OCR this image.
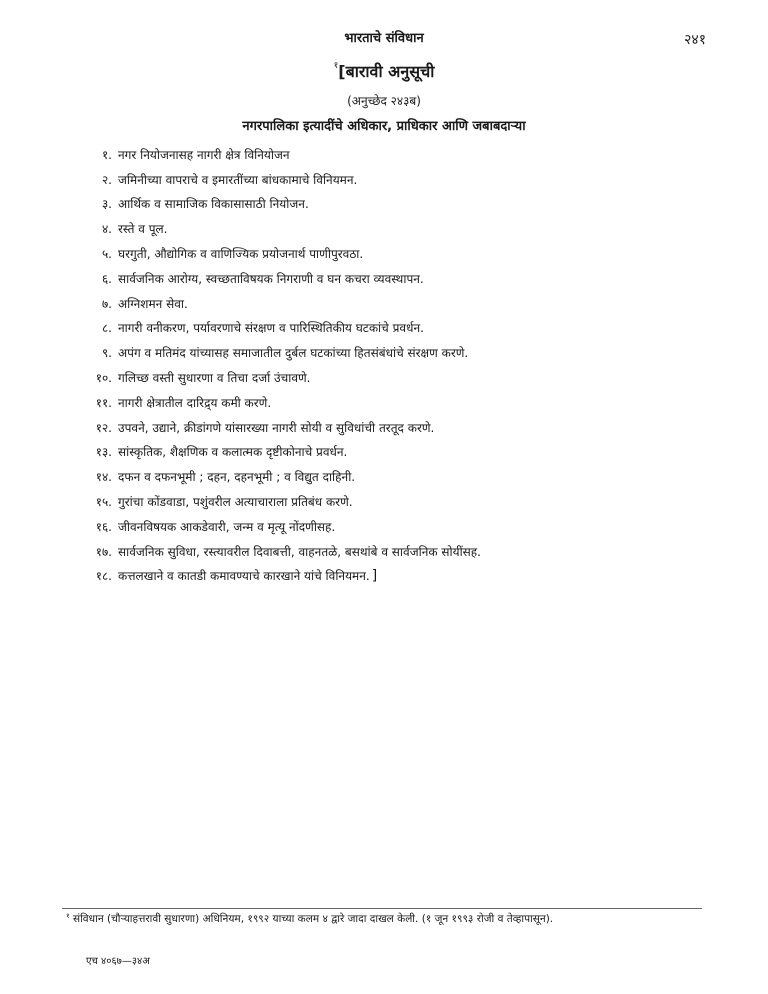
भारताचे संविधान	२४१
$^१$[बारावी अनुसूची
(अनुच्छेद २४३ब)
नगरपालिका इत्यादींचे अधिकार, प्राधिकार आणि जबाबदाऱ्या
१. नगर नियोजनासह नागरी क्षेत्र विनियोजन
२. जमिनीच्या वापराचे व इमारतींच्या बांधकामाचे विनियमन.
३. आर्थिक व सामाजिक विकासासाठी नियोजन.
४. रस्ते व पूल.
५. घरगुती, औद्योगिक व वाणिज्यिक प्रयोजनार्थ पाणीपुरवठा.
६. सार्वजनिक आरोग्य, स्वच्छताविषयक निगराणी व घन कचरा व्यवस्थापन.
७. अग्निशमन सेवा.
८. नागरी वनीकरण, पर्यावरणाचे संरक्षण व पारिस्थितिकीय घटकांचे प्रवर्धन.
९. अपंग व मतिमंद यांच्यासह समाजातील दुर्बल घटकांच्या हितसंबंधांचे संरक्षण करणे.
१०. गलिच्छ वस्ती सुधारणा व तिचा दर्जा उंचावणे.
११. नागरी क्षेत्रातील दारिद्र्य कमी करणे.
१२. उपवने, उद्याने, क्रीडांगणे यांसारख्या नागरी सोयी व सुविधांची तरतूद करणे.
१३. सांस्कृतिक, शैक्षणिक व कलात्मक दृष्टीकोनाचे प्रवर्धन.
१४. दफन व दफनभूमी ; दहन, दहनभूमी ; व विद्युत दाहिनी.
१५. गुरांचा कोंडवाडा, पशुंवरील अत्याचाराला प्रतिबंध करणे.
१६. जीवनविषयक आकडेवारी, जन्म व मृत्यू नोंदणीसह.
१७. सार्वजनिक सुविधा, रस्त्यावरील दिवाबत्ती, वाहनतळे, बसथांबे व सार्वजनिक सोयींसह.
१८. कत्तलखाने व कातडी कमावण्याचे कारखाने यांचे विनियमन. ]
$^१$ संविधान (चौऱ्याहत्तरावी सुधारणा) अधिनियम, १९९२ याच्या कलम ४ द्वारे जादा दाखल केली. (१ जून १९९३ रोजी व तेव्हापासून).
एच ४०६७—३४अ
